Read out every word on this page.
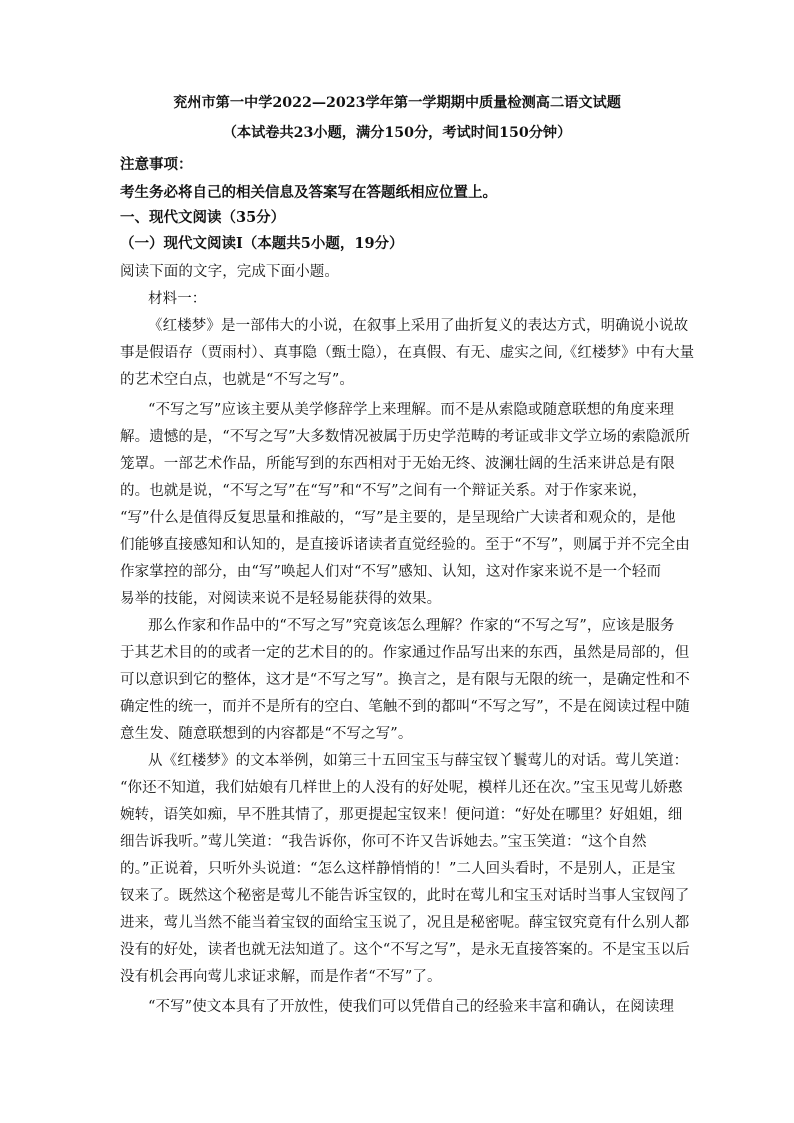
兖州市第一中学2022—2023学年第一学期期中质量检测高二语文试题
（本试卷共23小题，满分150分，考试时间150分钟）
注意事项：
考生务必将自己的相关信息及答案写在答题纸相应位置上。
一、现代文阅读（35分）
（一）现代文阅读Ⅰ（本题共5小题，19分）
阅读下面的文字，完成下面小题。
材料一：
《红楼梦》是一部伟大的小说，在叙事上采用了曲折复义的表达方式，明确说小说故
事是假语存（贾雨村）、真事隐（甄士隐），在真假、有无、虚实之间,《红楼梦》中有大量
的艺术空白点，也就是“不写之写”。
“不写之写”应该主要从美学修辞学上来理解。而不是从索隐或随意联想的角度来理
解。遗憾的是，“不写之写”大多数情况被属于历史学范畴的考证或非文学立场的索隐派所
笼罩。一部艺术作品，所能写到的东西相对于无始无终、波澜壮阔的生活来讲总是有限
的。也就是说，“不写之写”在“写”和“不写”之间有一个辩证关系。对于作家来说，
“写”什么是值得反复思量和推敲的，“写”是主要的，是呈现给广大读者和观众的，是他
们能够直接感知和认知的，是直接诉诸读者直觉经验的。至于“不写”，则属于并不完全由
作家掌控的部分，由“写”唤起人们对“不写”感知、认知，这对作家来说不是一个轻而
易举的技能，对阅读来说不是轻易能获得的效果。
那么作家和作品中的“不写之写”究竟该怎么理解？作家的“不写之写”，应该是服务
于其艺术目的的或者一定的艺术目的的。作家通过作品写出来的东西，虽然是局部的，但
可以意识到它的整体，这才是“不写之写”。换言之，是有限与无限的统一，是确定性和不
确定性的统一，而并不是所有的空白、笔触不到的都叫“不写之写”，不是在阅读过程中随
意生发、随意联想到的内容都是“不写之写”。
从《红楼梦》的文本举例，如第三十五回宝玉与薛宝钗丫鬟莺儿的对话。莺儿笑道：
“你还不知道，我们姑娘有几样世上的人没有的好处呢，模样儿还在次。”宝玉见莺儿娇憨
婉转，语笑如痴，早不胜其情了，那更提起宝钗来！便问道：“好处在哪里？好姐姐，细
细告诉我听。”莺儿笑道：“我告诉你，你可不许又告诉她去。”宝玉笑道：“这个自然
的。”正说着，只听外头说道：“怎么这样静悄悄的！”二人回头看时，不是别人，正是宝
钗来了。既然这个秘密是莺儿不能告诉宝钗的，此时在莺儿和宝玉对话时当事人宝钗闯了
进来，莺儿当然不能当着宝钗的面给宝玉说了，况且是秘密呢。薛宝钗究竟有什么别人都
没有的好处，读者也就无法知道了。这个“不写之写”，是永无直接答案的。不是宝玉以后
没有机会再向莺儿求证求解，而是作者“不写”了。
“不写”使文本具有了开放性，使我们可以凭借自己的经验来丰富和确认，在阅读理
